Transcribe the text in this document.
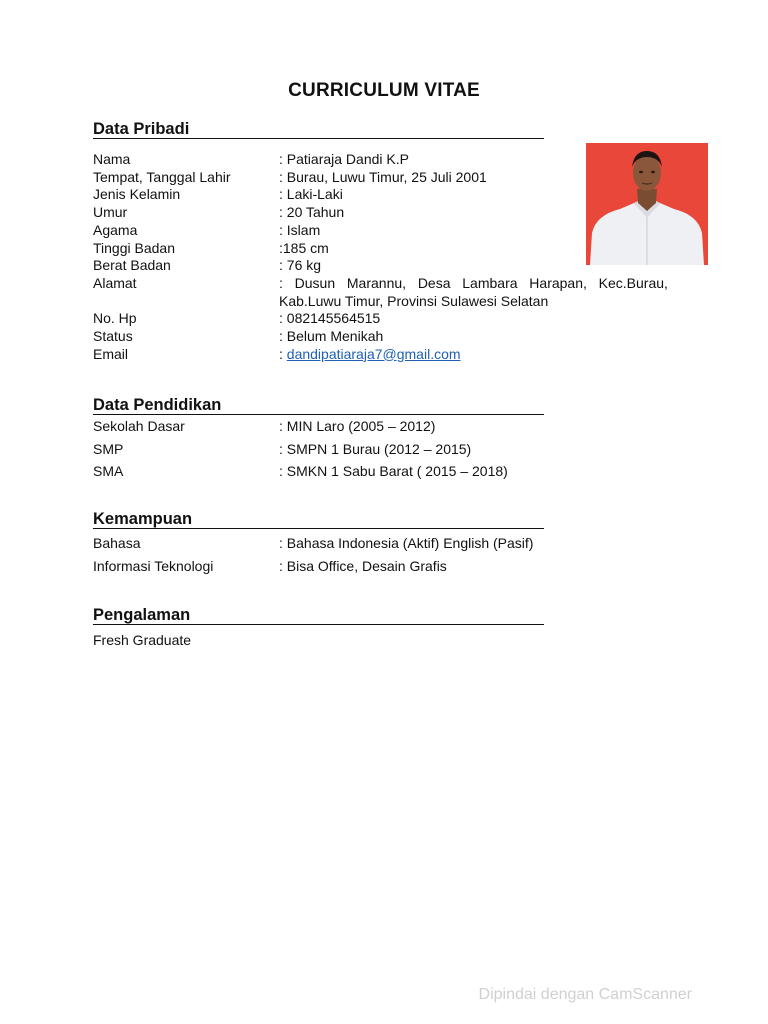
CURRICULUM VITAE
Data Pribadi
Nama	: Patiaraja Dandi K.P
Tempat, Tanggal Lahir	: Burau, Luwu Timur, 25 Juli 2001
Jenis Kelamin	: Laki-Laki
Umur	: 20 Tahun
Agama	: Islam
Tinggi Badan	:185 cm
Berat Badan	: 76 kg
Alamat	: Dusun Marannu, Desa Lambara Harapan, Kec.Burau,
Kab.Luwu Timur, Provinsi Sulawesi Selatan
No. Hp	: 082145564515
Status	: Belum Menikah
Email	: dandipatiaraja7@gmail.com
Data Pendidikan
Sekolah Dasar	: MIN Laro (2005 – 2012)
SMP	: SMPN 1 Burau (2012 – 2015)
SMA	: SMKN 1 Sabu Barat ( 2015 – 2018)
Kemampuan
Bahasa	: Bahasa Indonesia (Aktif) English (Pasif)
Informasi Teknologi	: Bisa Office, Desain Grafis
Pengalaman
Fresh Graduate
Dipindai dengan CamScanner
